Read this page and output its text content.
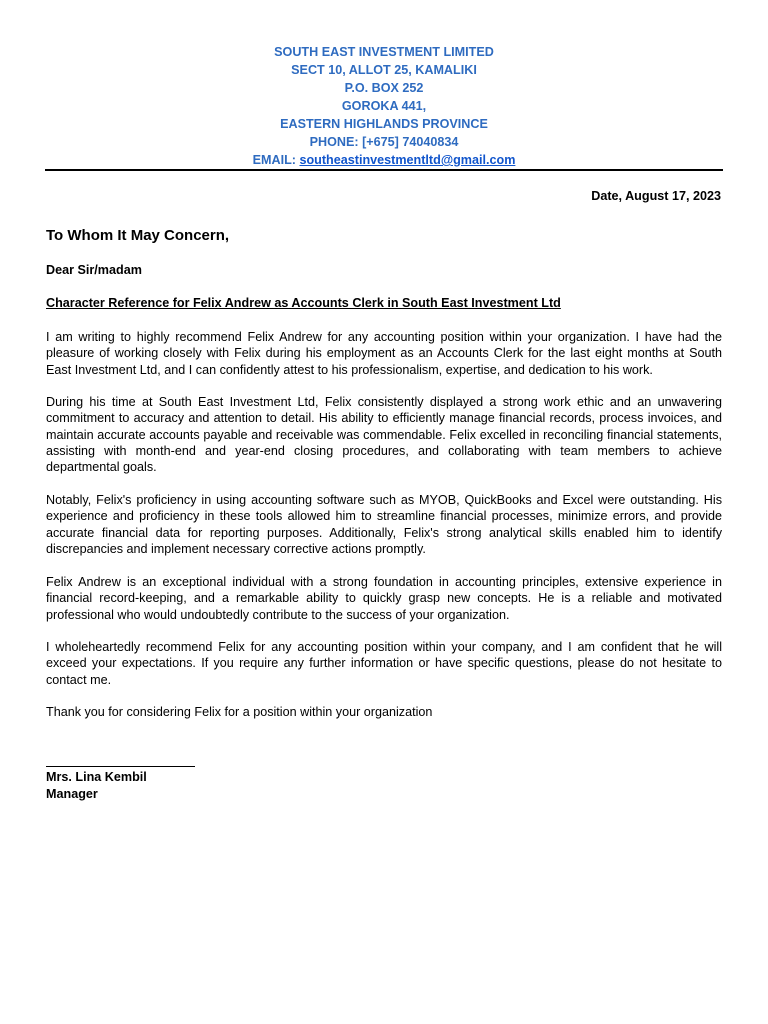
SOUTH EAST INVESTMENT LIMITED
SECT 10, ALLOT 25, KAMALIKI
P.O. BOX 252
GOROKA 441,
EASTERN HIGHLANDS PROVINCE
PHONE: [+675] 74040834
EMAIL: southeastinvestmentltd@gmail.com
Date, August 17, 2023
To Whom It May Concern,
Dear Sir/madam
Character Reference for Felix Andrew as Accounts Clerk in South East Investment Ltd
I am writing to highly recommend Felix Andrew for any accounting position within your organization. I have had the pleasure of working closely with Felix during his employment as an Accounts Clerk for the last eight months at South East Investment Ltd, and I can confidently attest to his professionalism, expertise, and dedication to his work.
During his time at South East Investment Ltd, Felix consistently displayed a strong work ethic and an unwavering commitment to accuracy and attention to detail. His ability to efficiently manage financial records, process invoices, and maintain accurate accounts payable and receivable was commendable. Felix excelled in reconciling financial statements, assisting with month-end and year-end closing procedures, and collaborating with team members to achieve departmental goals.
Notably, Felix's proficiency in using accounting software such as MYOB, QuickBooks and Excel were outstanding. His experience and proficiency in these tools allowed him to streamline financial processes, minimize errors, and provide accurate financial data for reporting purposes. Additionally, Felix's strong analytical skills enabled him to identify discrepancies and implement necessary corrective actions promptly.
Felix Andrew is an exceptional individual with a strong foundation in accounting principles, extensive experience in financial record-keeping, and a remarkable ability to quickly grasp new concepts. He is a reliable and motivated professional who would undoubtedly contribute to the success of your organization.
I wholeheartedly recommend Felix for any accounting position within your company, and I am confident that he will exceed your expectations. If you require any further information or have specific questions, please do not hesitate to contact me.
Thank you for considering Felix for a position within your organization
Mrs. Lina Kembil
Manager
